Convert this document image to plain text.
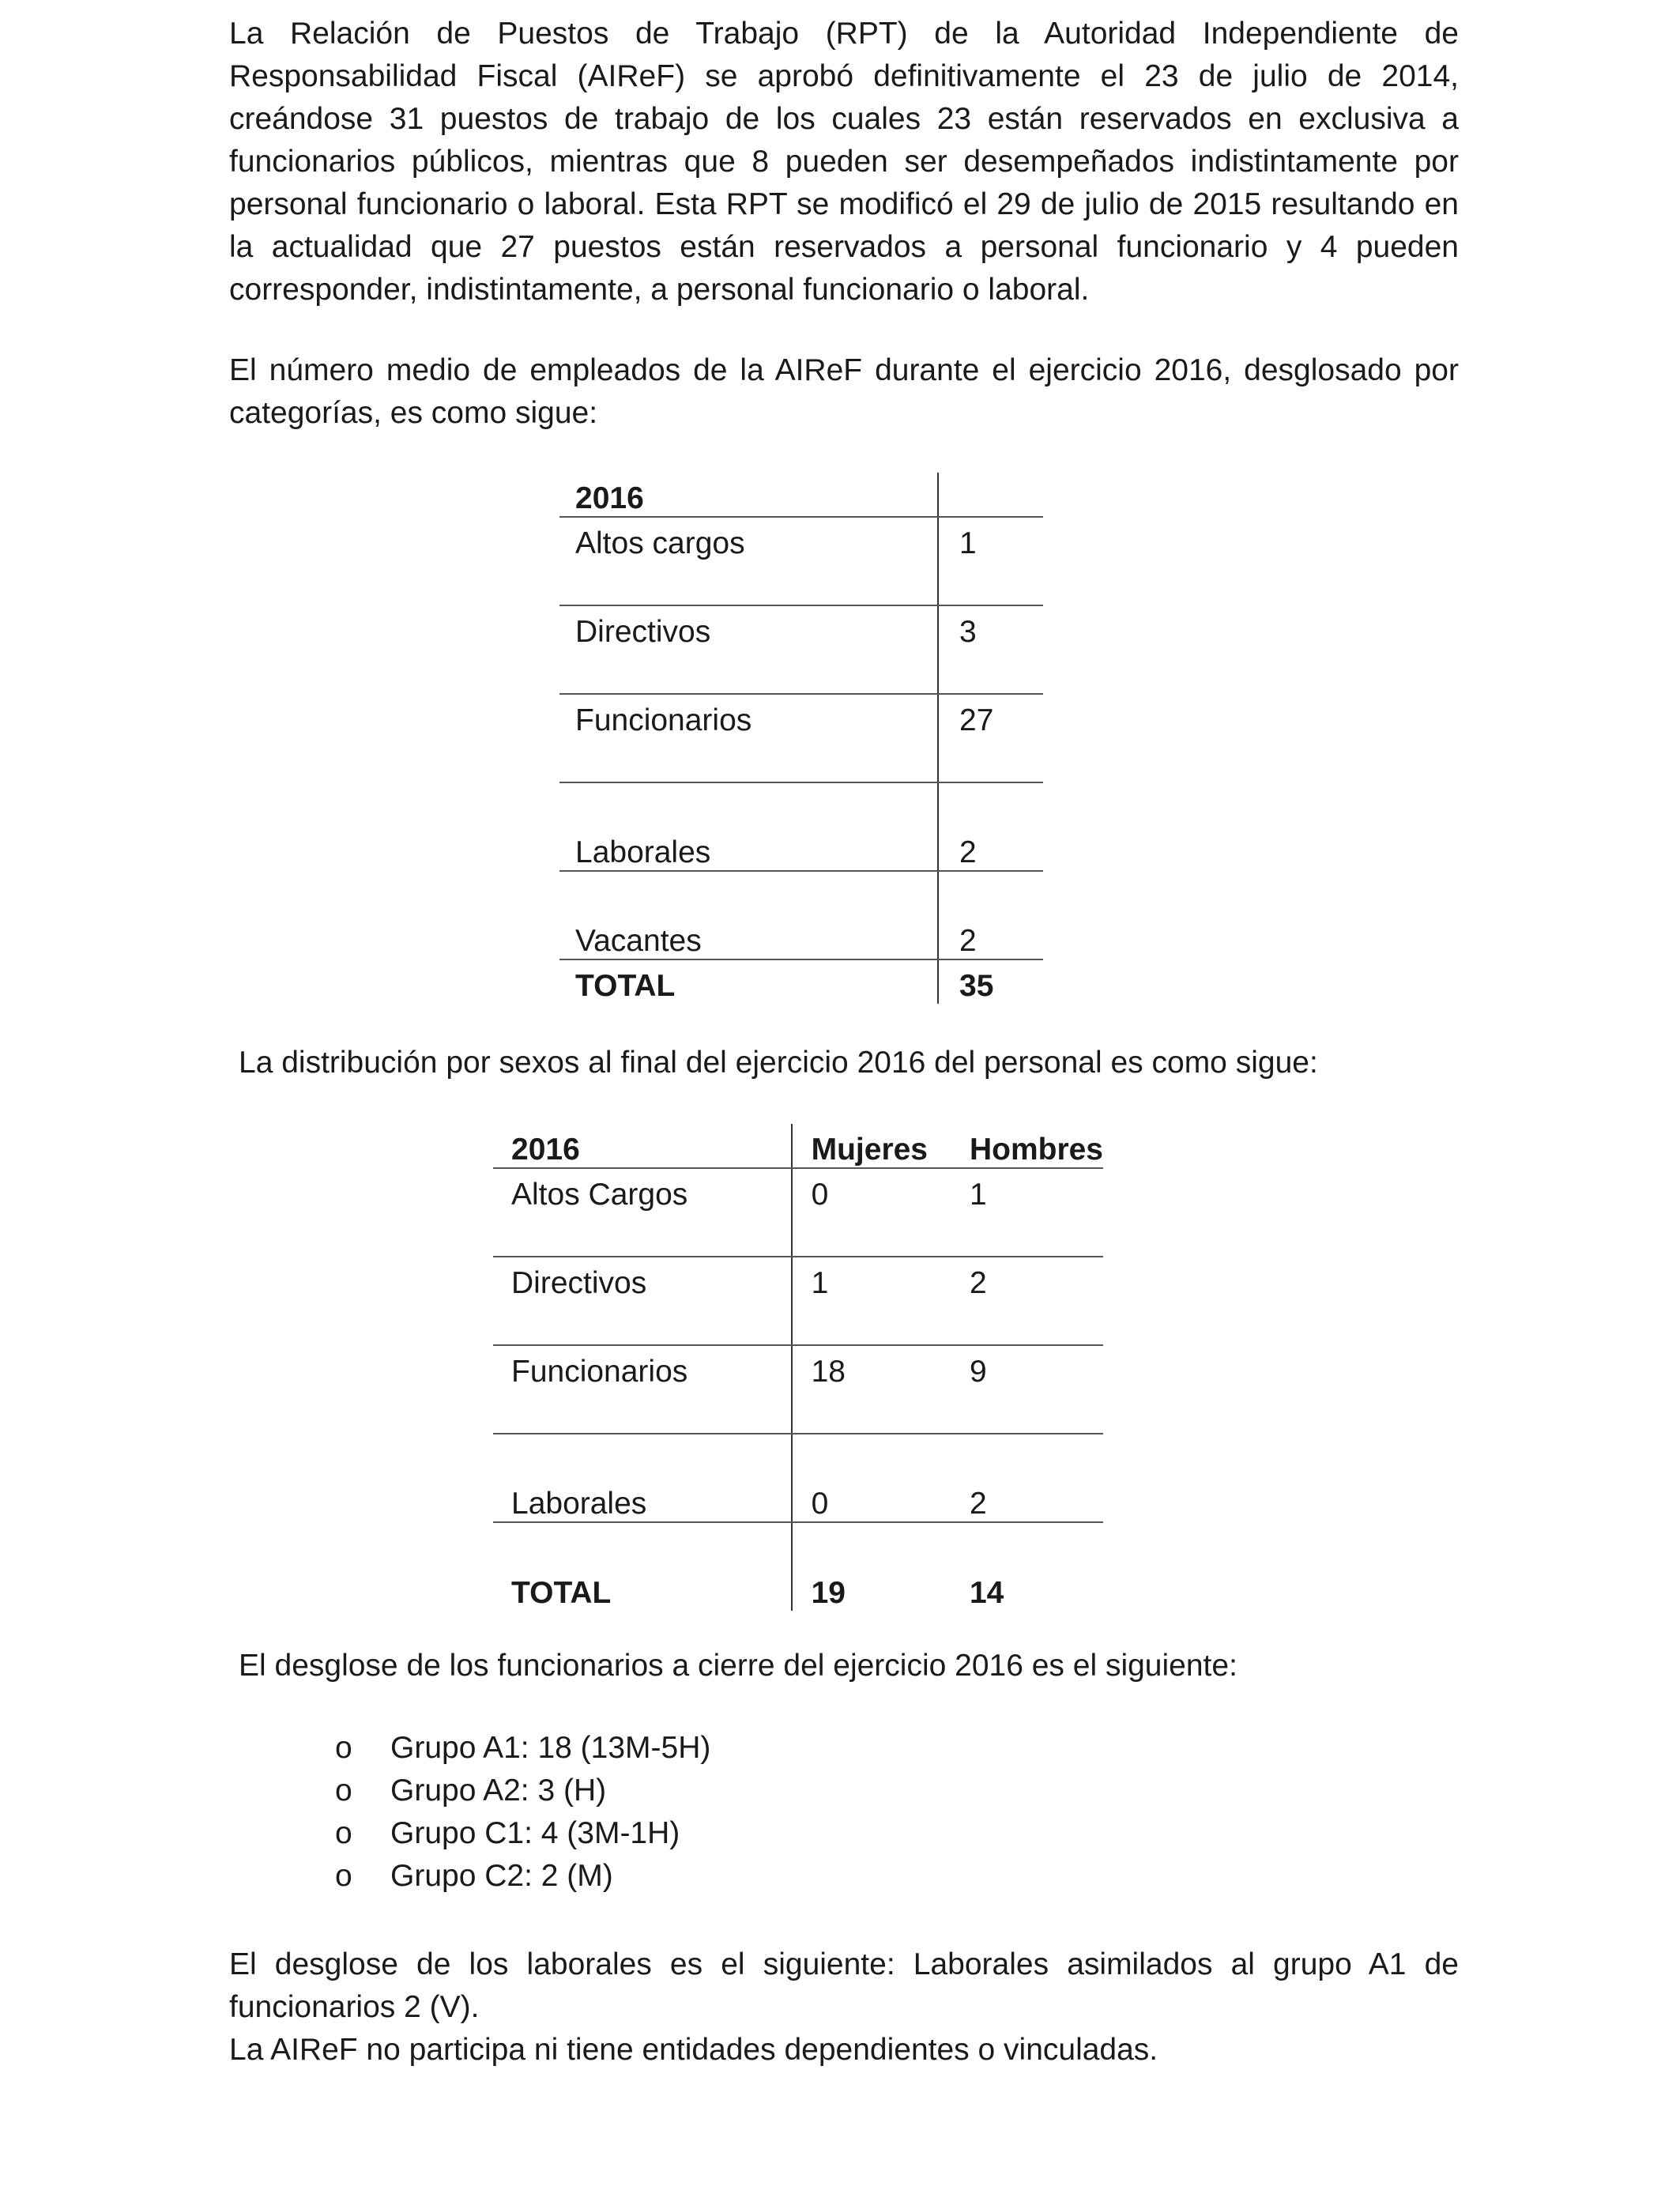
La Relación de Puestos de Trabajo (RPT) de la Autoridad Independiente de Responsabilidad Fiscal (AIReF) se aprobó definitivamente el 23 de julio de 2014, creándose 31 puestos de trabajo de los cuales 23 están reservados en exclusiva a funcionarios públicos, mientras que 8 pueden ser desempeñados indistintamente por personal funcionario o laboral. Esta RPT se modificó el 29 de julio de 2015 resultando en la actualidad que 27 puestos están reservados a personal funcionario y 4 pueden corresponder, indistintamente, a personal funcionario o laboral.

El número medio de empleados de la AIReF durante el ejercicio 2016, desglosado por categorías, es como sigue:

2016	
Altos cargos	1

Directivos	3

Funcionarios	27

Laborales	2

Vacantes	2
TOTAL	35

La distribución por sexos al final del ejercicio 2016 del personal es como sigue:

2016	Mujeres	Hombres
Altos Cargos	0	1

Directivos	1	2

Funcionarios	18	9

Laborales	0	2

TOTAL	19	14

El desglose de los funcionarios a cierre del ejercicio 2016 es el siguiente:

o Grupo A1: 18 (13M-5H)
o Grupo A2: 3 (H)
o Grupo C1: 4 (3M-1H)
o Grupo C2: 2 (M)

El desglose de los laborales es el siguiente: Laborales asimilados al grupo A1 de funcionarios 2 (V).

La AIReF no participa ni tiene entidades dependientes o vinculadas.
